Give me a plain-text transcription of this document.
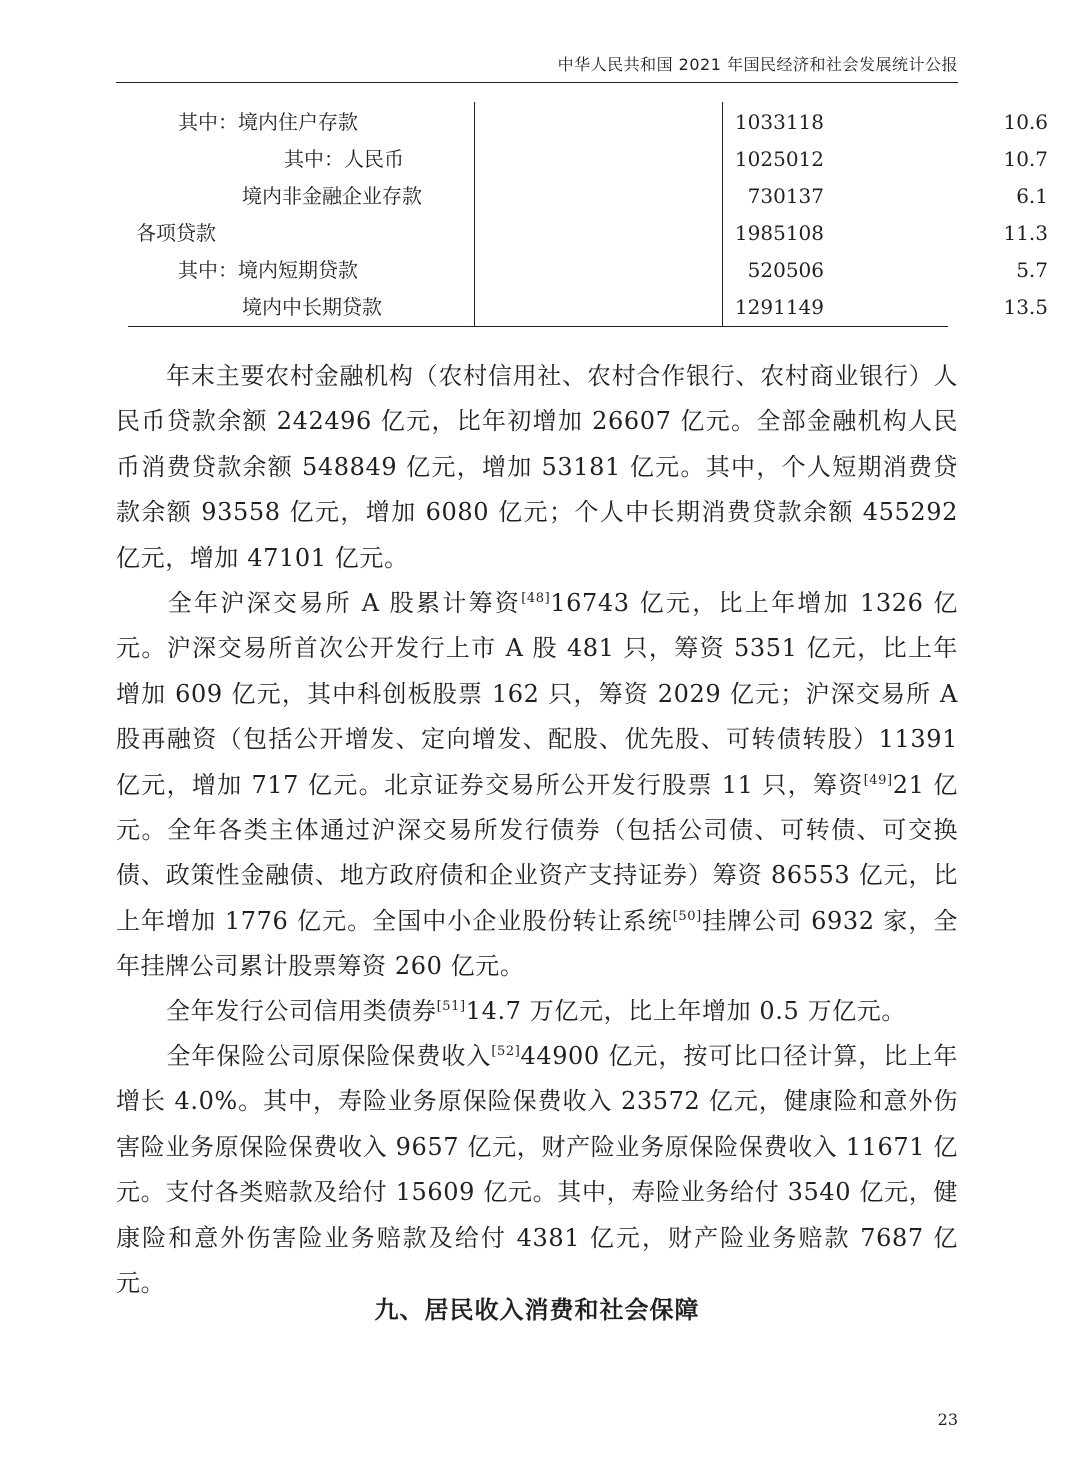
中华人民共和国 2021 年国民经济和社会发展统计公报
其中：境内住户存款	1033118	10.6
其中：人民币	1025012	10.7
境内非金融企业存款	730137	6.1
各项贷款	1985108	11.3
其中：境内短期贷款	520506	5.7
境内中长期贷款	1291149	13.5

年末主要农村金融机构（农村信用社、农村合作银行、农村商业银行）人民币贷款余额 242496 亿元，比年初增加 26607 亿元。全部金融机构人民币消费贷款余额 548849 亿元，增加 53181 亿元。其中，个人短期消费贷款余额 93558 亿元，增加 6080 亿元；个人中长期消费贷款余额 455292 亿元，增加 47101 亿元。

全年沪深交易所 A 股累计筹资[48]16743 亿元，比上年增加 1326 亿元。沪深交易所首次公开发行上市 A 股 481 只，筹资 5351 亿元，比上年增加 609 亿元，其中科创板股票 162 只，筹资 2029 亿元；沪深交易所 A 股再融资（包括公开增发、定向增发、配股、优先股、可转债转股）11391 亿元，增加 717 亿元。北京证券交易所公开发行股票 11 只，筹资[49]21 亿元。全年各类主体通过沪深交易所发行债券（包括公司债、可转债、可交换债、政策性金融债、地方政府债和企业资产支持证券）筹资 86553 亿元，比上年增加 1776 亿元。全国中小企业股份转让系统[50]挂牌公司 6932 家，全年挂牌公司累计股票筹资 260 亿元。

全年发行公司信用类债券[51]14.7 万亿元，比上年增加 0.5 万亿元。

全年保险公司原保险保费收入[52]44900 亿元，按可比口径计算，比上年增长 4.0%。其中，寿险业务原保险保费收入 23572 亿元，健康险和意外伤害险业务原保险保费收入 9657 亿元，财产险业务原保险保费收入 11671 亿元。支付各类赔款及给付 15609 亿元。其中，寿险业务给付 3540 亿元，健康险和意外伤害险业务赔款及给付 4381 亿元，财产险业务赔款 7687 亿元。

九、居民收入消费和社会保障
23
